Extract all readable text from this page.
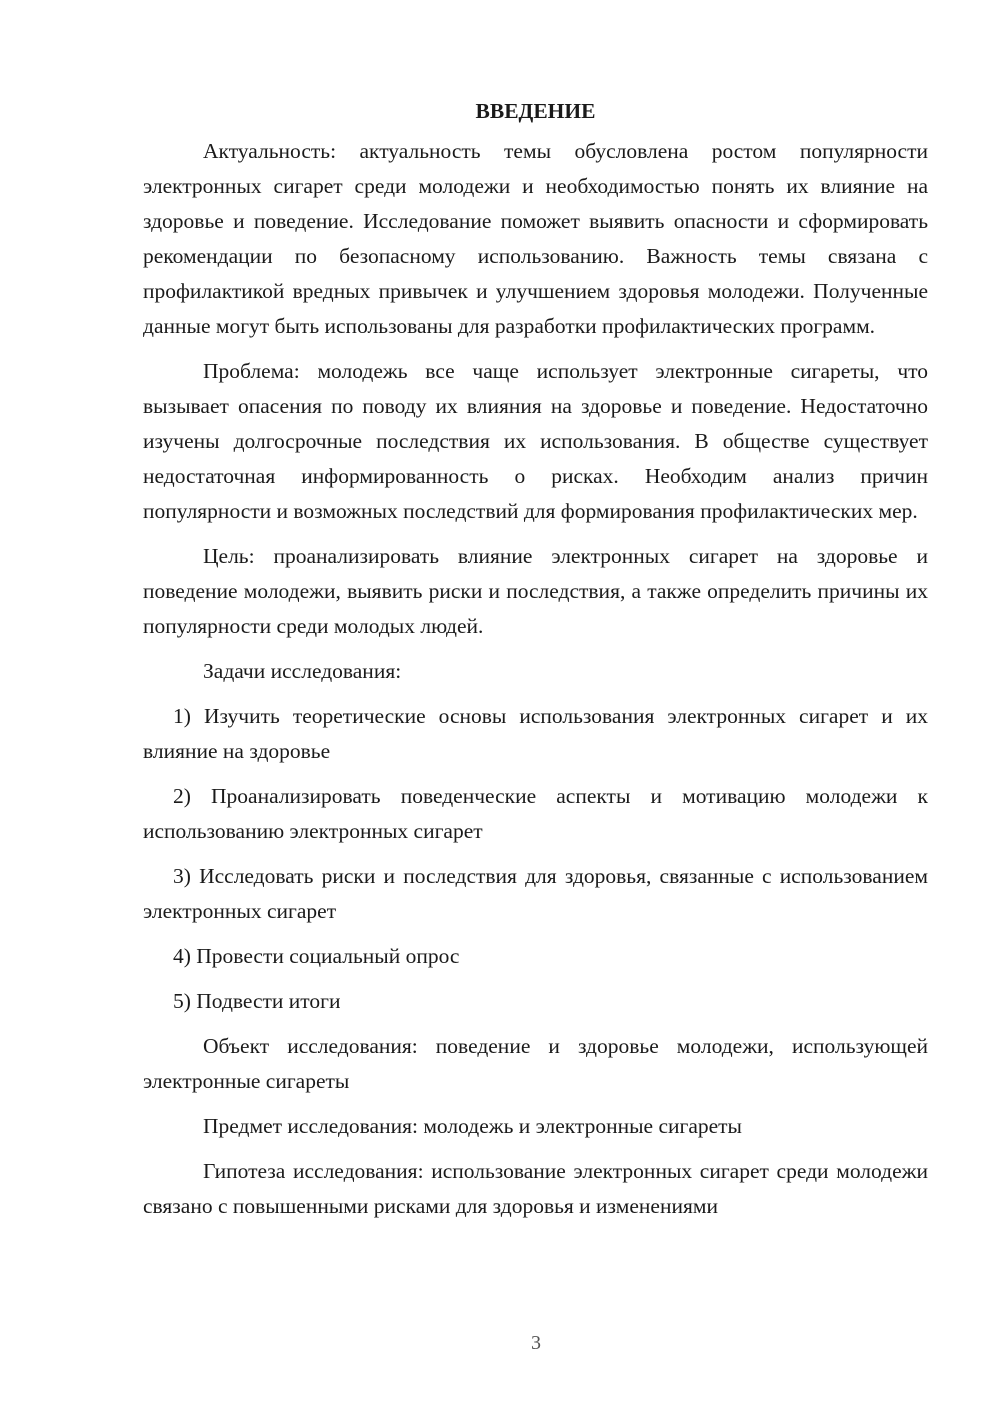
ВВЕДЕНИЕ

Актуальность: актуальность темы обусловлена ростом популярности электронных сигарет среди молодежи и необходимостью понять их влияние на здоровье и поведение. Исследование поможет выявить опасности и сформировать рекомендации по безопасному использованию. Важность темы связана с профилактикой вредных привычек и улучшением здоровья молодежи. Полученные данные могут быть использованы для разработки профилактических программ.

Проблема: молодежь все чаще использует электронные сигареты, что вызывает опасения по поводу их влияния на здоровье и поведение. Недостаточно изучены долгосрочные последствия их использования. В обществе существует недостаточная информированность о рисках. Необходим анализ причин популярности и возможных последствий для формирования профилактических мер.

Цель: проанализировать влияние электронных сигарет на здоровье и поведение молодежи, выявить риски и последствия, а также определить причины их популярности среди молодых людей.

Задачи исследования:

1) Изучить теоретические основы использования электронных сигарет и их влияние на здоровье

2) Проанализировать поведенческие аспекты и мотивацию молодежи к использованию электронных сигарет

3) Исследовать риски и последствия для здоровья, связанные с использованием электронных сигарет

4) Провести социальный опрос

5) Подвести итоги

Объект исследования: поведение и здоровье молодежи, использующей электронные сигареты

Предмет исследования: молодежь и электронные сигареты

Гипотеза исследования: использование электронных сигарет среди молодежи связано с повышенными рисками для здоровья и изменениями

3
